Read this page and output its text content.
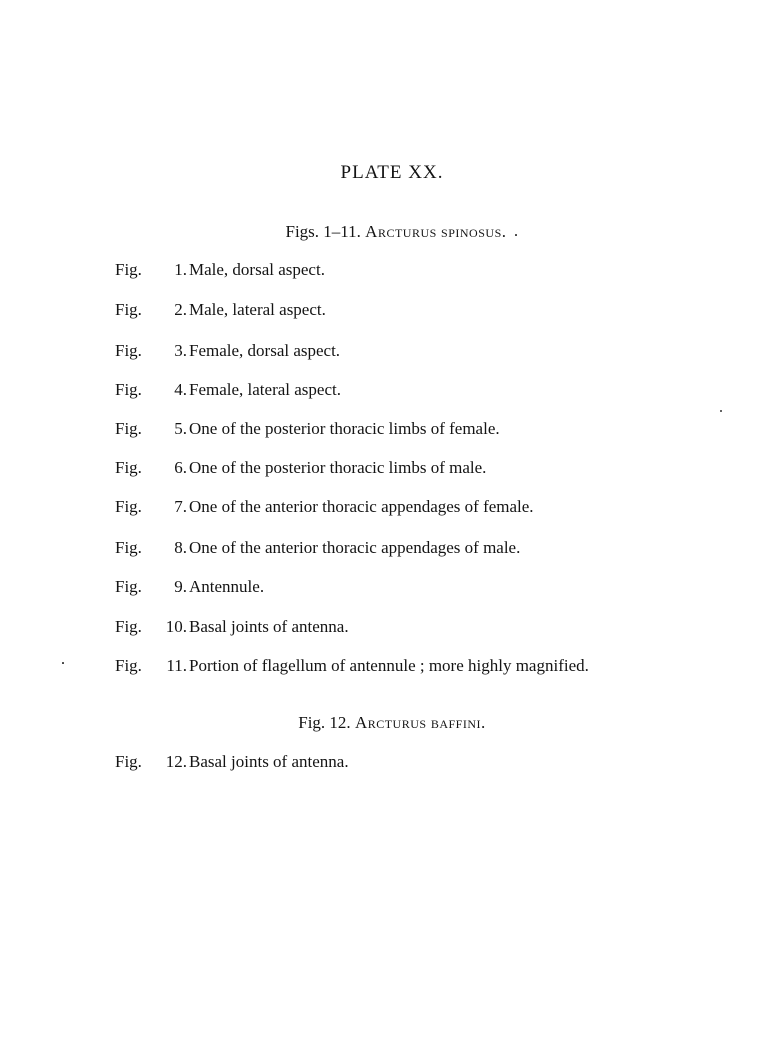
PLATE XX.
Figs. 1–11. Arcturus spinosus.
Fig.	1. Male, dorsal aspect.
Fig.	2. Male, lateral aspect.
Fig.	3. Female, dorsal aspect.
Fig.	4. Female, lateral aspect.
Fig.	5. One of the posterior thoracic limbs of female.
Fig.	6. One of the posterior thoracic limbs of male.
Fig.	7. One of the anterior thoracic appendages of female.
Fig.	8. One of the anterior thoracic appendages of male.
Fig.	9. Antennule.
Fig.	10. Basal joints of antenna.
Fig.	11. Portion of flagellum of antennule ; more highly magnified.
Fig. 12. Arcturus baffini.
Fig.	12. Basal joints of antenna.
